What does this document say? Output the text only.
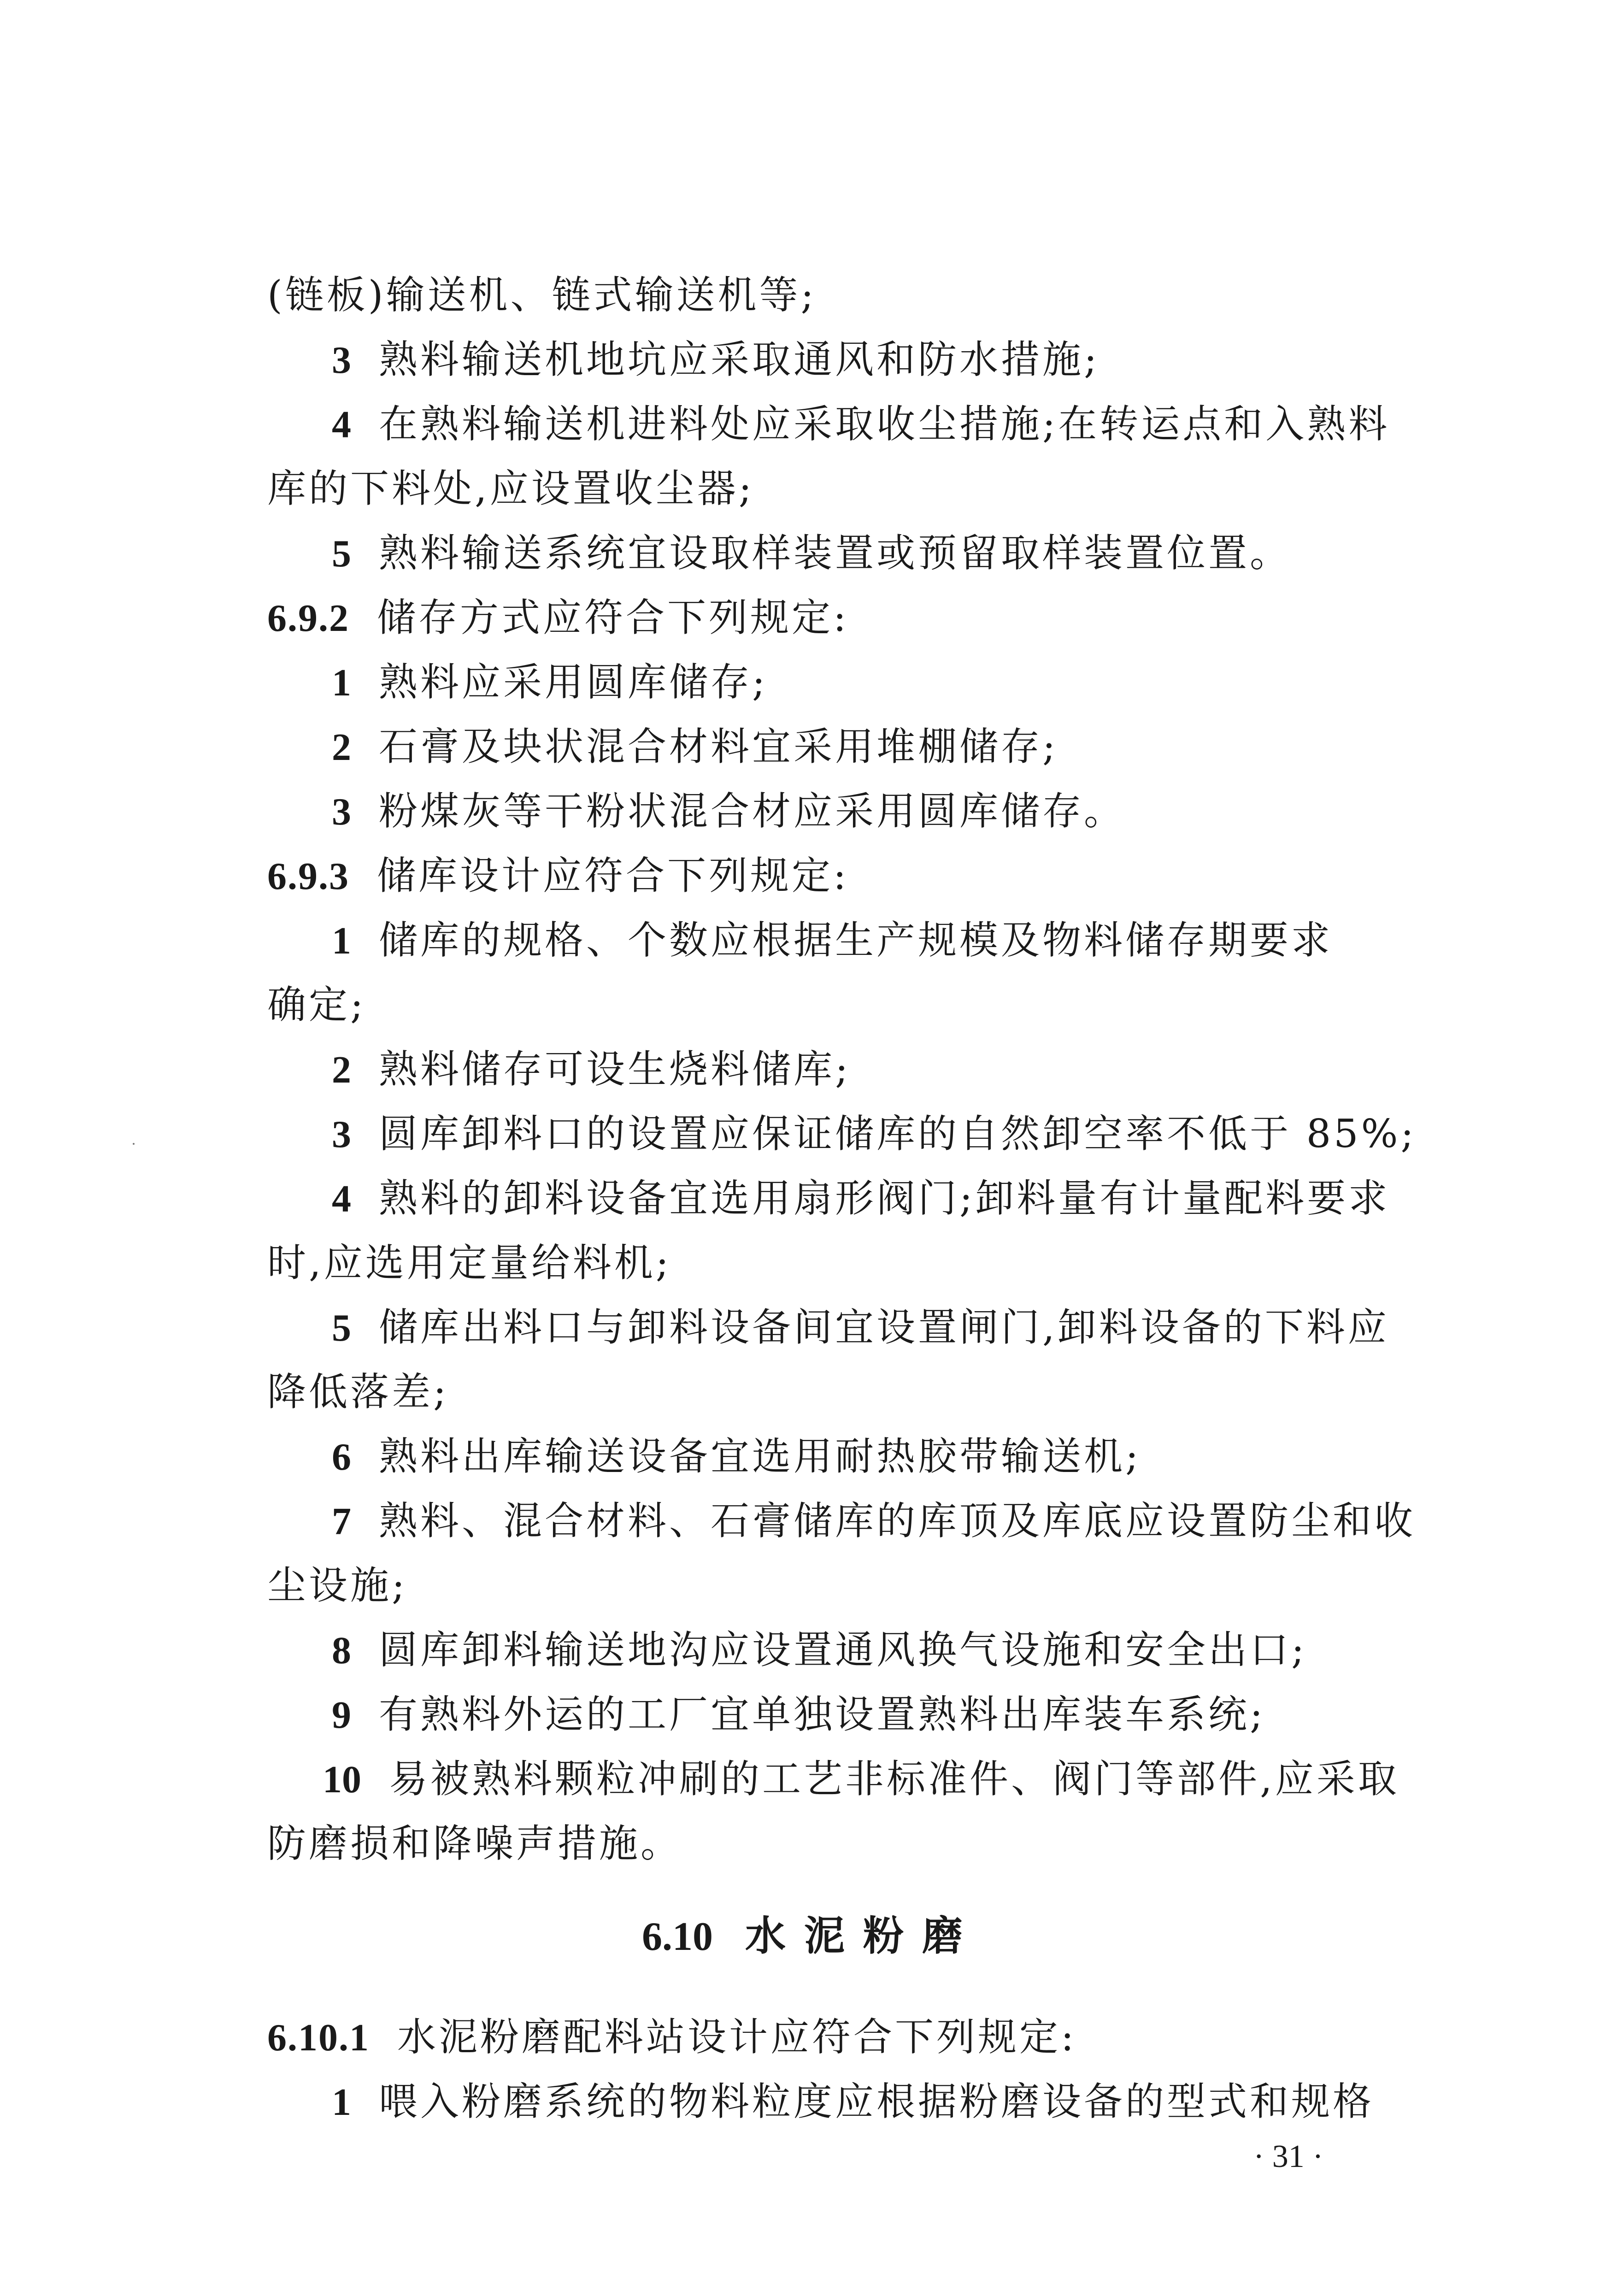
(链板)输送机、链式输送机等;
3 熟料输送机地坑应采取通风和防水措施;
4 在熟料输送机进料处应采取收尘措施;在转运点和入熟料
库的下料处,应设置收尘器;
5 熟料输送系统宜设取样装置或预留取样装置位置。
6.9.2 储存方式应符合下列规定:
1 熟料应采用圆库储存;
2 石膏及块状混合材料宜采用堆棚储存;
3 粉煤灰等干粉状混合材应采用圆库储存。
6.9.3 储库设计应符合下列规定:
1 储库的规格、个数应根据生产规模及物料储存期要求
确定;
2 熟料储存可设生烧料储库;
3 圆库卸料口的设置应保证储库的自然卸空率不低于 85%;
4 熟料的卸料设备宜选用扇形阀门;卸料量有计量配料要求
时,应选用定量给料机;
5 储库出料口与卸料设备间宜设置闸门,卸料设备的下料应
降低落差;
6 熟料出库输送设备宜选用耐热胶带输送机;
7 熟料、混合材料、石膏储库的库顶及库底应设置防尘和收
尘设施;
8 圆库卸料输送地沟应设置通风换气设施和安全出口;
9 有熟料外运的工厂宜单独设置熟料出库装车系统;
10 易被熟料颗粒冲刷的工艺非标准件、阀门等部件,应采取
防磨损和降噪声措施。
6.10 水泥粉磨
6.10.1 水泥粉磨配料站设计应符合下列规定:
1 喂入粉磨系统的物料粒度应根据粉磨设备的型式和规格
· 31 ·
